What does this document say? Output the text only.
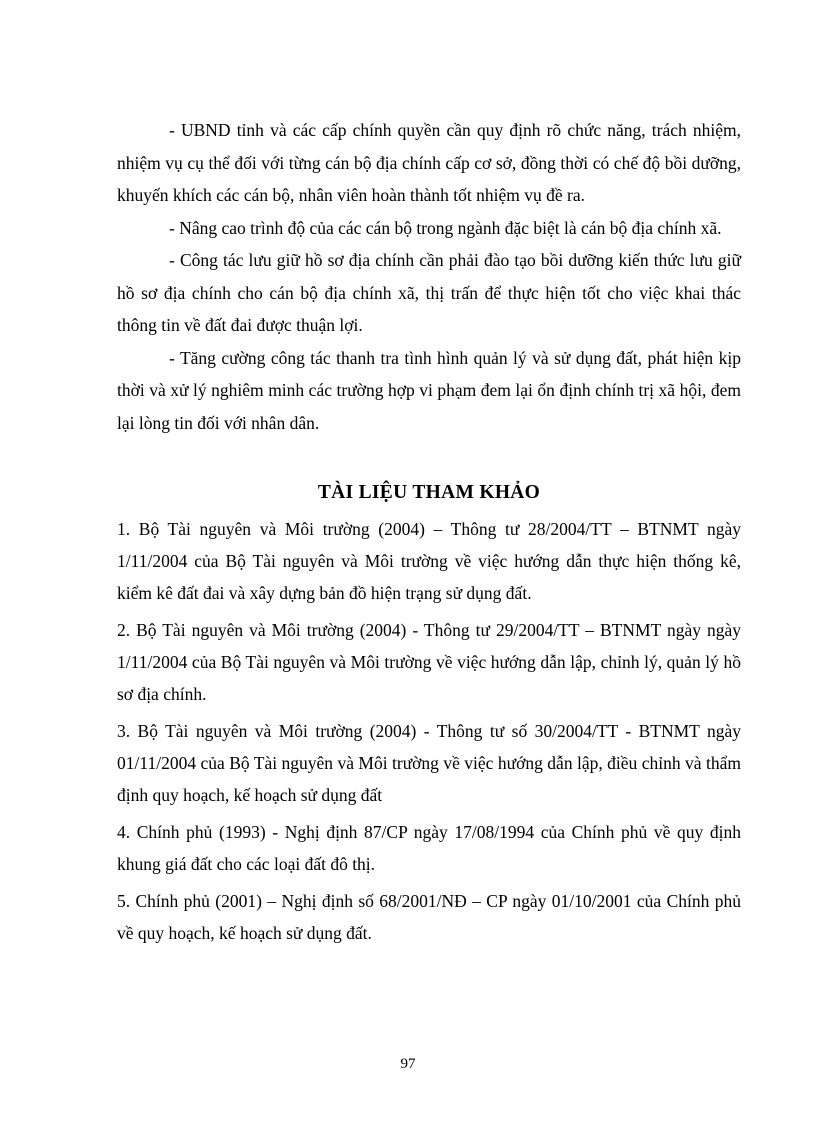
- UBND tỉnh và các cấp chính quyền cần quy định rõ chức năng, trách nhiệm, nhiệm vụ cụ thể đối với từng cán bộ địa chính cấp cơ sở, đồng thời có chế độ bồi dưỡng, khuyến khích các cán bộ, nhân viên hoàn thành tốt nhiệm vụ đề ra.

- Nâng cao trình độ của các cán bộ trong ngành đặc biệt là cán bộ địa chính xã.

- Công tác lưu giữ hồ sơ địa chính cần phải đào tạo bồi dưỡng kiến thức lưu giữ hồ sơ địa chính cho cán bộ địa chính xã, thị trấn để thực hiện tốt cho việc khai thác thông tin về đất đai được thuận lợi.

- Tăng cường công tác thanh tra tình hình quản lý và sử dụng đất, phát hiện kịp thời và xử lý nghiêm minh các trường hợp vi phạm đem lại ổn định chính trị xã hội, đem lại lòng tin đối với nhân dân.

TÀI LIỆU THAM KHẢO

1. Bộ Tài nguyên và Môi trường (2004) – Thông tư 28/2004/TT – BTNMT ngày 1/11/2004 của Bộ Tài nguyên và Môi trường về việc hướng dẫn thực hiện thống kê, kiểm kê đất đai và xây dựng bản đồ hiện trạng sử dụng đất.

2. Bộ Tài nguyên và Môi trường (2004) - Thông tư 29/2004/TT – BTNMT ngày ngày 1/11/2004 của Bộ Tài nguyên và Môi trường về việc hướng dẫn lập, chỉnh lý, quản lý hồ sơ địa chính.

3. Bộ Tài nguyên và Môi trường (2004) - Thông tư số 30/2004/TT - BTNMT ngày 01/11/2004 của Bộ Tài nguyên và Môi trường về việc hướng dẫn lập, điều chỉnh và thẩm định quy hoạch, kế hoạch sử dụng đất

4. Chính phủ (1993) - Nghị định 87/CP ngày 17/08/1994 của Chính phủ về quy định khung giá đất cho các loại đất đô thị.

5. Chính phủ (2001) – Nghị định số 68/2001/NĐ – CP ngày 01/10/2001 của Chính phủ về quy hoạch, kế hoạch sử dụng đất.

97
